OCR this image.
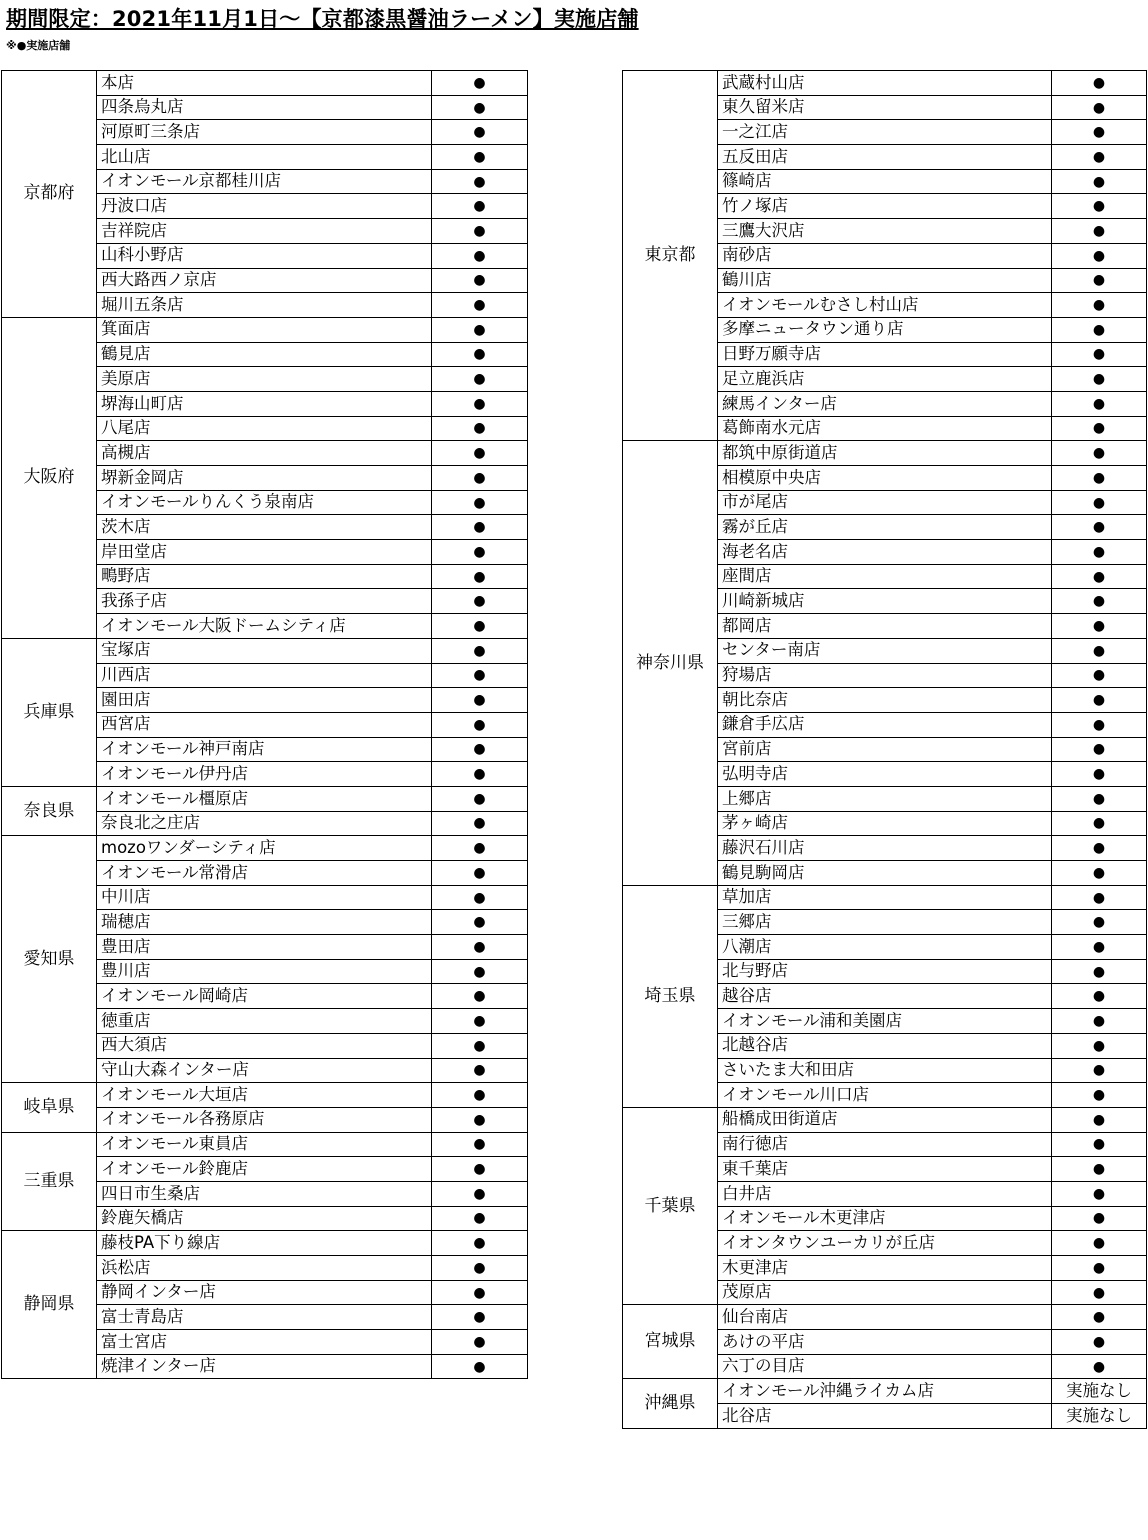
期間限定：2021年11月1日～【京都漆黒醤油ラーメン】実施店舗
※●実施店舗
京都府	本店	●
	四条烏丸店	●
	河原町三条店	●
	北山店	●
	イオンモール京都桂川店	●
	丹波口店	●
	吉祥院店	●
	山科小野店	●
	西大路西ノ京店	●
	堀川五条店	●
大阪府	箕面店	●
	鶴見店	●
	美原店	●
	堺海山町店	●
	八尾店	●
	高槻店	●
	堺新金岡店	●
	イオンモールりんくう泉南店	●
	茨木店	●
	岸田堂店	●
	鴫野店	●
	我孫子店	●
	イオンモール大阪ドームシティ店	●
兵庫県	宝塚店	●
	川西店	●
	園田店	●
	西宮店	●
	イオンモール神戸南店	●
	イオンモール伊丹店	●
奈良県	イオンモール橿原店	●
	奈良北之庄店	●
愛知県	mozoワンダーシティ店	●
	イオンモール常滑店	●
	中川店	●
	瑞穂店	●
	豊田店	●
	豊川店	●
	イオンモール岡崎店	●
	徳重店	●
	西大須店	●
	守山大森インター店	●
岐阜県	イオンモール大垣店	●
	イオンモール各務原店	●
三重県	イオンモール東員店	●
	イオンモール鈴鹿店	●
	四日市生桑店	●
	鈴鹿矢橋店	●
静岡県	藤枝PA下り線店	●
	浜松店	●
	静岡インター店	●
	富士青島店	●
	富士宮店	●
	焼津インター店	●
東京都	武蔵村山店	●
	東久留米店	●
	一之江店	●
	五反田店	●
	篠崎店	●
	竹ノ塚店	●
	三鷹大沢店	●
	南砂店	●
	鶴川店	●
	イオンモールむさし村山店	●
	多摩ニュータウン通り店	●
	日野万願寺店	●
	足立鹿浜店	●
	練馬インター店	●
	葛飾南水元店	●
神奈川県	都筑中原街道店	●
	相模原中央店	●
	市が尾店	●
	霧が丘店	●
	海老名店	●
	座間店	●
	川崎新城店	●
	都岡店	●
	センター南店	●
	狩場店	●
	朝比奈店	●
	鎌倉手広店	●
	宮前店	●
	弘明寺店	●
	上郷店	●
	茅ヶ崎店	●
	藤沢石川店	●
	鶴見駒岡店	●
埼玉県	草加店	●
	三郷店	●
	八潮店	●
	北与野店	●
	越谷店	●
	イオンモール浦和美園店	●
	北越谷店	●
	さいたま大和田店	●
	イオンモール川口店	●
千葉県	船橋成田街道店	●
	南行徳店	●
	東千葉店	●
	白井店	●
	イオンモール木更津店	●
	イオンタウンユーカリが丘店	●
	木更津店	●
	茂原店	●
宮城県	仙台南店	●
	あけの平店	●
	六丁の目店	●
沖縄県	イオンモール沖縄ライカム店	実施なし
	北谷店	実施なし
